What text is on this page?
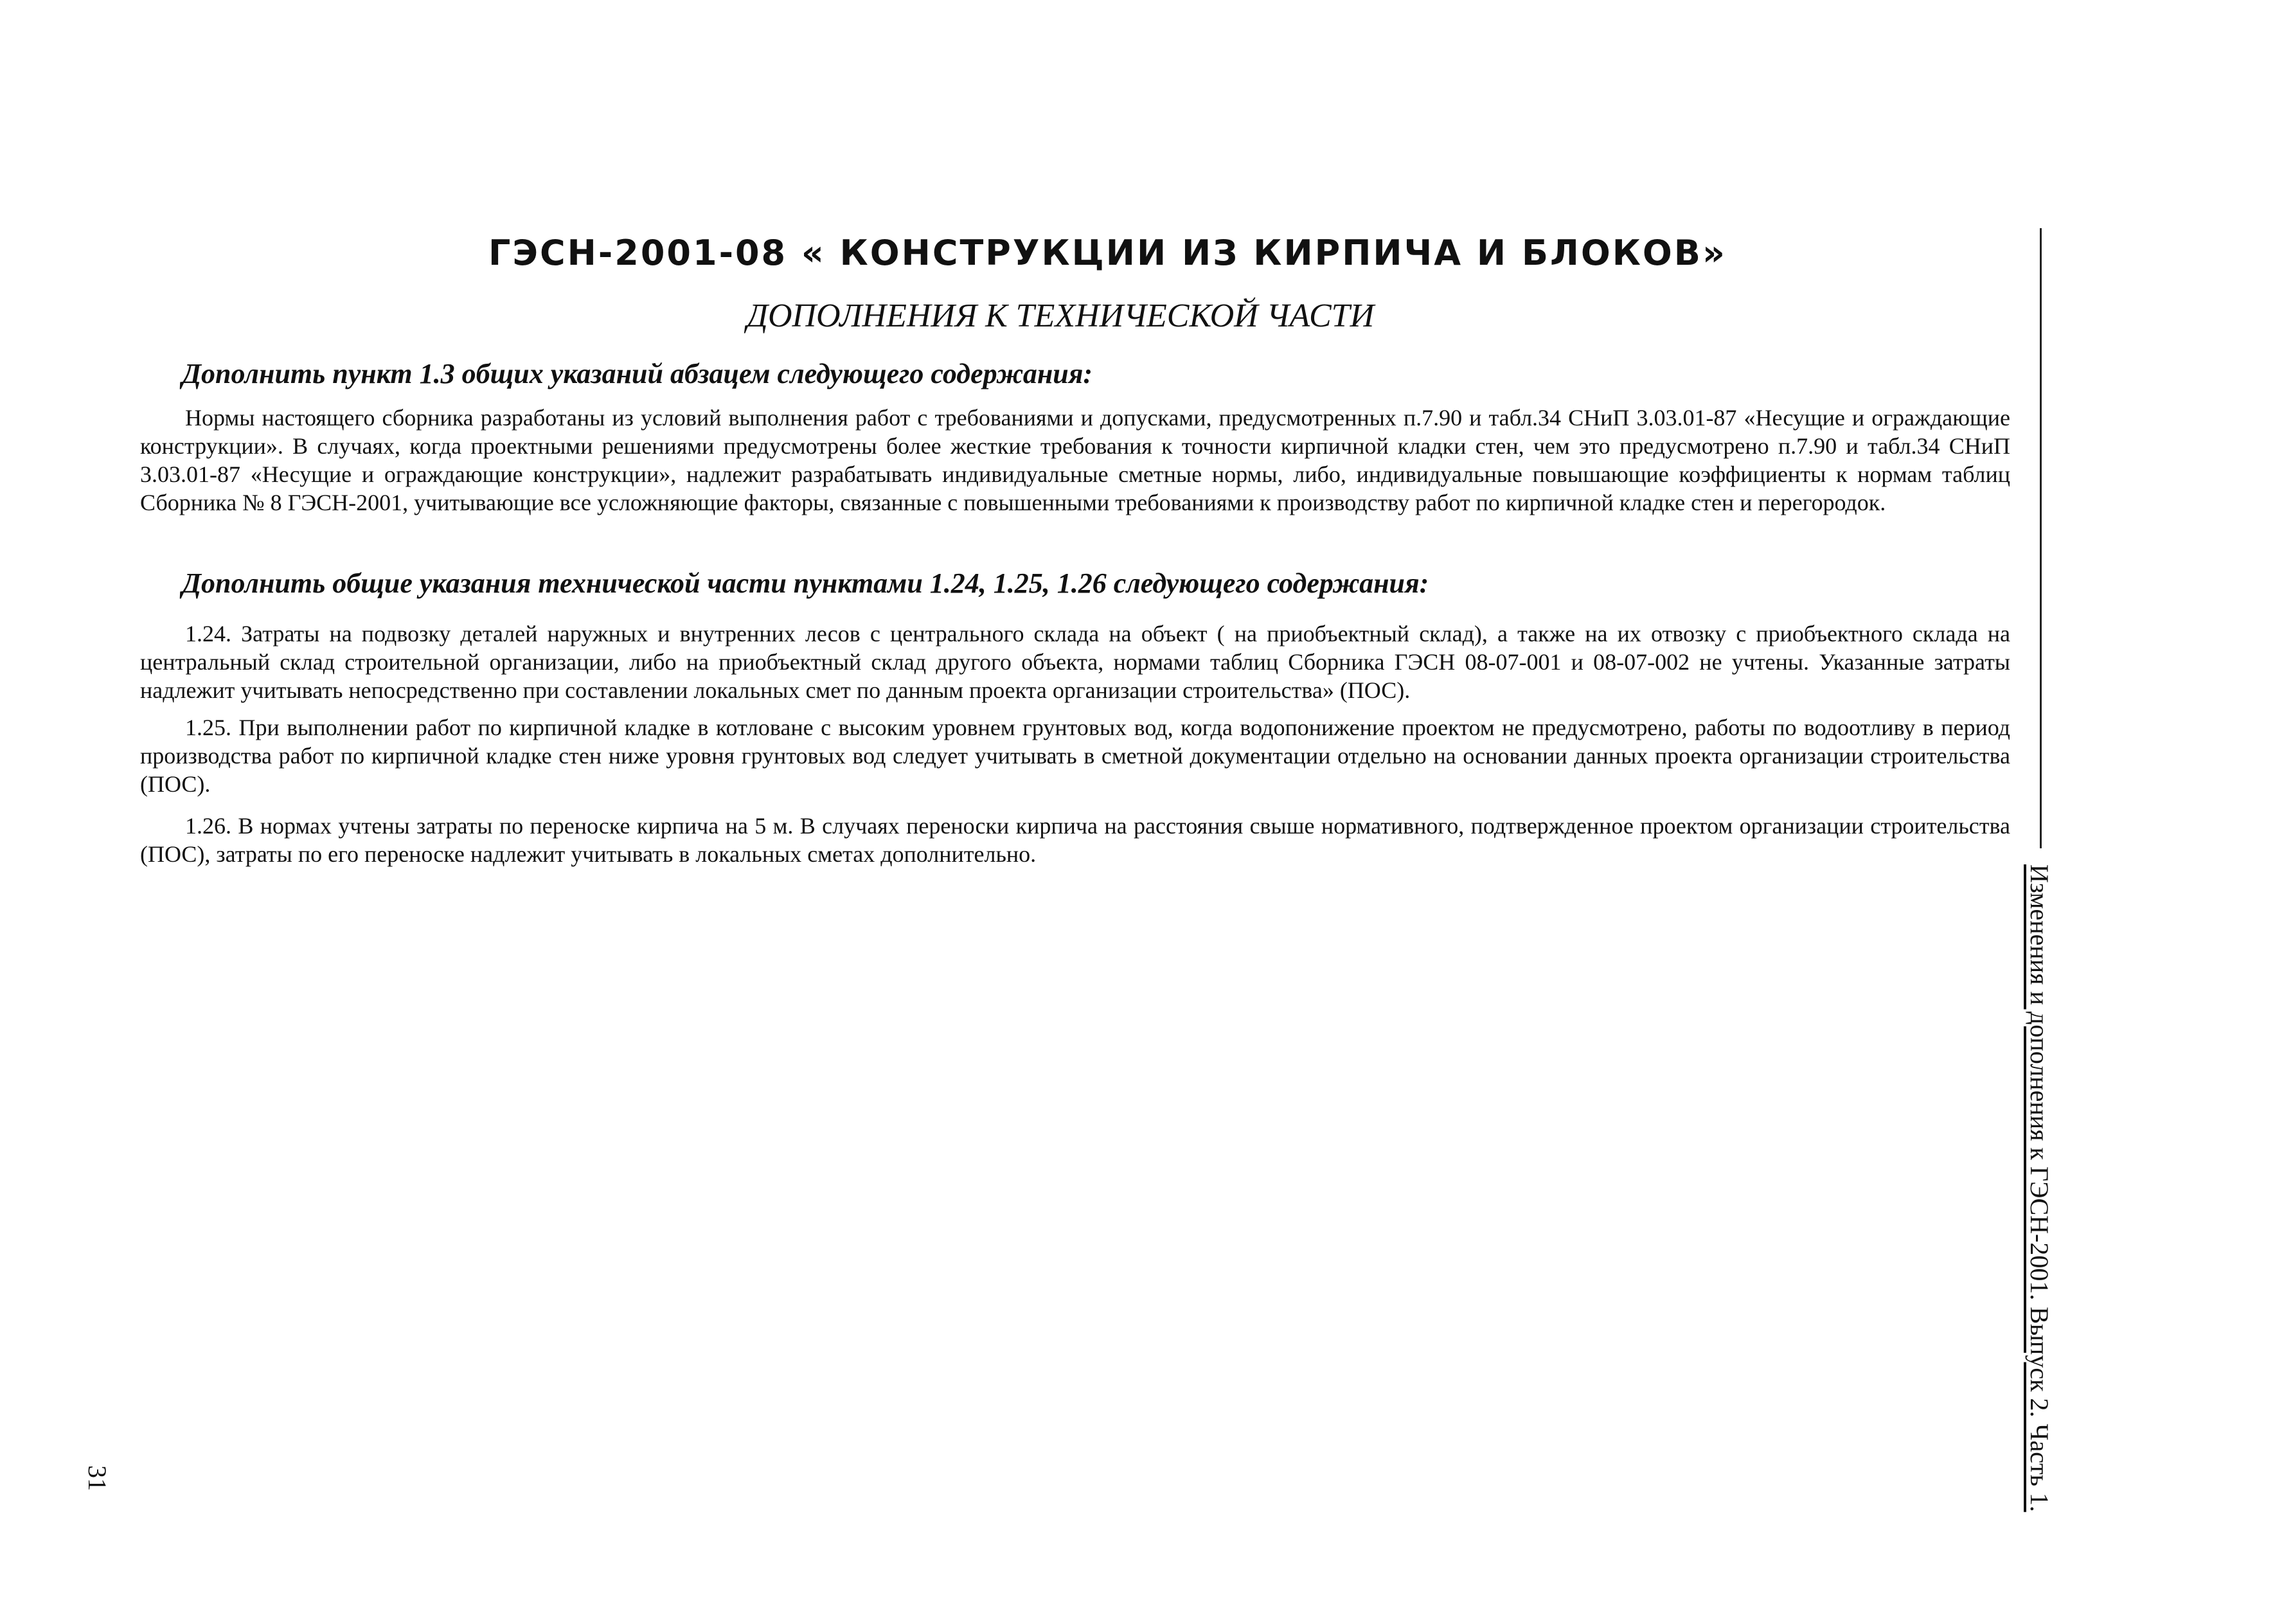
ГЭСН-2001-08 « КОНСТРУКЦИИ ИЗ КИРПИЧА И БЛОКОВ»
ДОПОЛНЕНИЯ К ТЕХНИЧЕСКОЙ ЧАСТИ
Дополнить пункт 1.3 общих указаний абзацем следующего содержания:
Нормы настоящего сборника разработаны из условий выполнения работ с требованиями и допусками, предусмотренных п.7.90 и табл.34 СНиП 3.03.01-87 «Несущие и ограждающие конструкции». В случаях, когда проектными решениями предусмотрены более жесткие требования к точности кирпичной кладки стен, чем это предусмотрено п.7.90 и табл.34 СНиП 3.03.01-87 «Несущие и ограждающие конструкции», надлежит разрабатывать индивидуальные сметные нормы, либо, индивидуальные повышающие коэффициенты к нормам таблиц Сборника № 8 ГЭСН-2001, учитывающие все усложняющие факторы, связанные с повышенными требованиями к производству работ по кирпичной кладке стен и перегородок.
Дополнить общие указания технической части пунктами 1.24, 1.25, 1.26 следующего содержания:
1.24. Затраты на подвозку деталей наружных и внутренних лесов с центрального склада на объект ( на приобъектный склад), а также на их отвозку с приобъектного склада на центральный склад строительной организации, либо на приобъектный склад другого объекта, нормами таблиц Сборника ГЭСН 08-07-001 и 08-07-002 не учтены. Указанные затраты надлежит учитывать непосредственно при составлении локальных смет по данным проекта организации строительства» (ПОС).
1.25. При выполнении работ по кирпичной кладке в котловане с высоким уровнем грунтовых вод, когда водопонижение проектом не предусмотрено, работы по водоотливу в период производства работ по кирпичной кладке стен ниже уровня грунтовых вод следует учитывать в сметной документации отдельно на основании данных проекта организации строительства (ПОС).
1.26. В нормах учтены затраты по переноске кирпича на 5 м. В случаях переноски кирпича на расстояния свыше нормативного, подтвержденное проектом организации строительства (ПОС), затраты по его переноске надлежит учитывать в локальных сметах дополнительно.
Изменения и дополнения к ГЭСН-2001. Выпуск 2. Часть 1.
31
